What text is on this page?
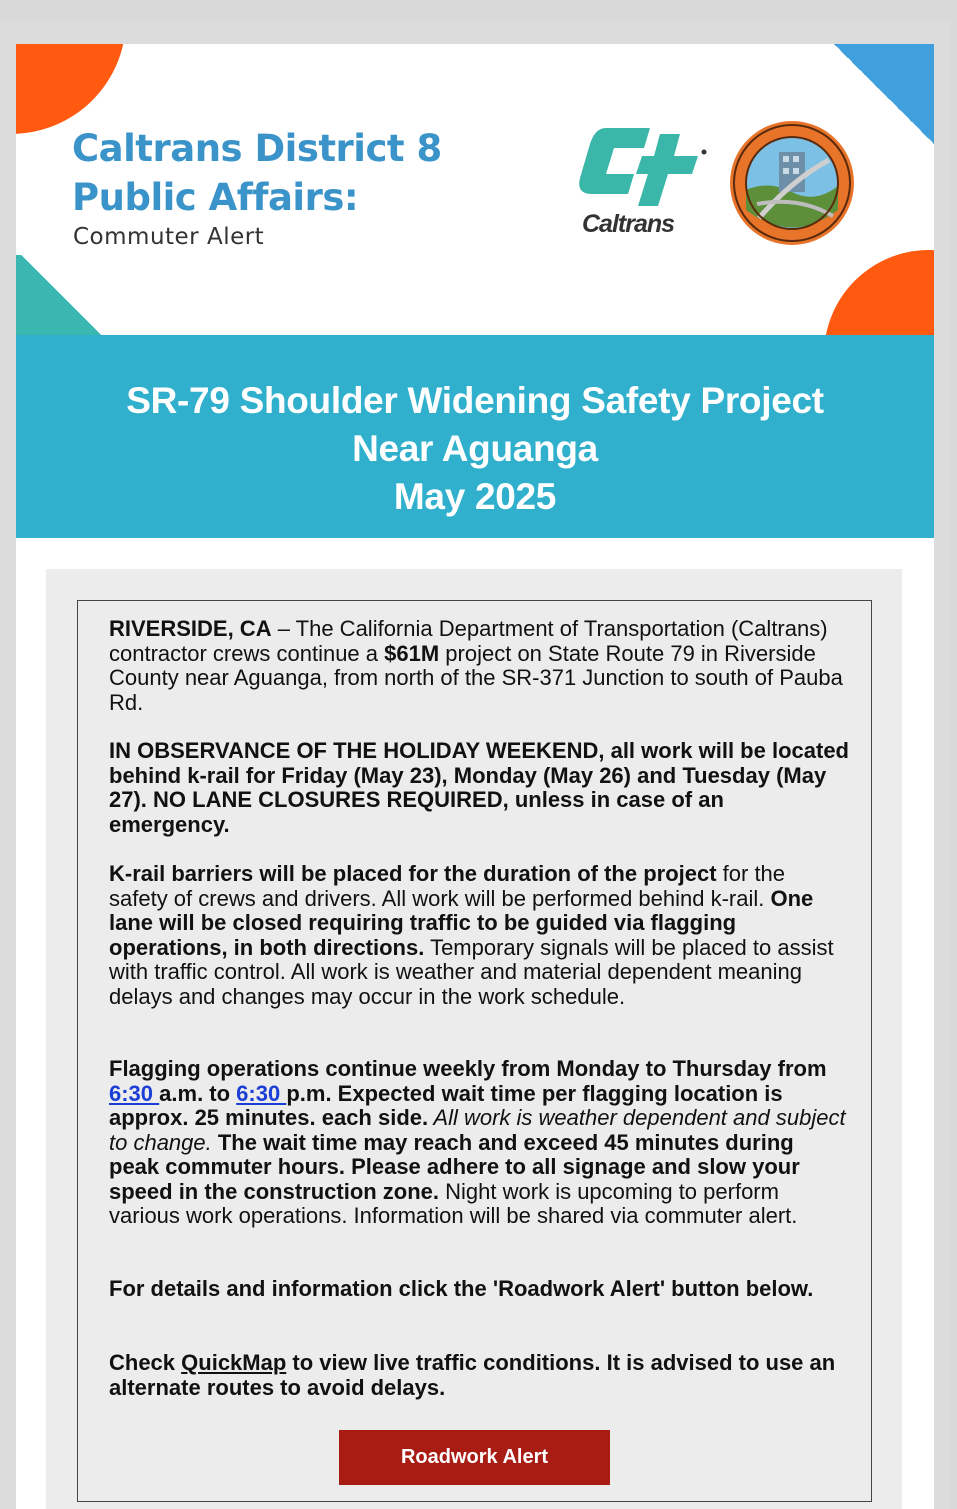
Caltrans District 8
Public Affairs:
Commuter Alert	Caltrans
SR-79 Shoulder Widening Safety Project
Near Aguanga
May 2025

RIVERSIDE, CA – The California Department of Transportation (Caltrans) contractor crews continue a $61M project on State Route 79 in Riverside County near Aguanga, from north of the SR-371 Junction to south of Pauba Rd.

IN OBSERVANCE OF THE HOLIDAY WEEKEND, all work will be located behind k-rail for Friday (May 23), Monday (May 26) and Tuesday (May 27). NO LANE CLOSURES REQUIRED, unless in case of an emergency.

K-rail barriers will be placed for the duration of the project for the safety of crews and drivers. All work will be performed behind k-rail. One lane will be closed requiring traffic to be guided via flagging operations, in both directions. Temporary signals will be placed to assist with traffic control. All work is weather and material dependent meaning delays and changes may occur in the work schedule.

Flagging operations continue weekly from Monday to Thursday from 6:30 a.m. to 6:30 p.m. Expected wait time per flagging location is approx. 25 minutes. each side. All work is weather dependent and subject to change. The wait time may reach and exceed 45 minutes during peak commuter hours. Please adhere to all signage and slow your speed in the construction zone. Night work is upcoming to perform various work operations. Information will be shared via commuter alert.

For details and information click the 'Roadwork Alert' button below.

Check QuickMap to view live traffic conditions. It is advised to use an alternate routes to avoid delays.

Roadwork Alert
